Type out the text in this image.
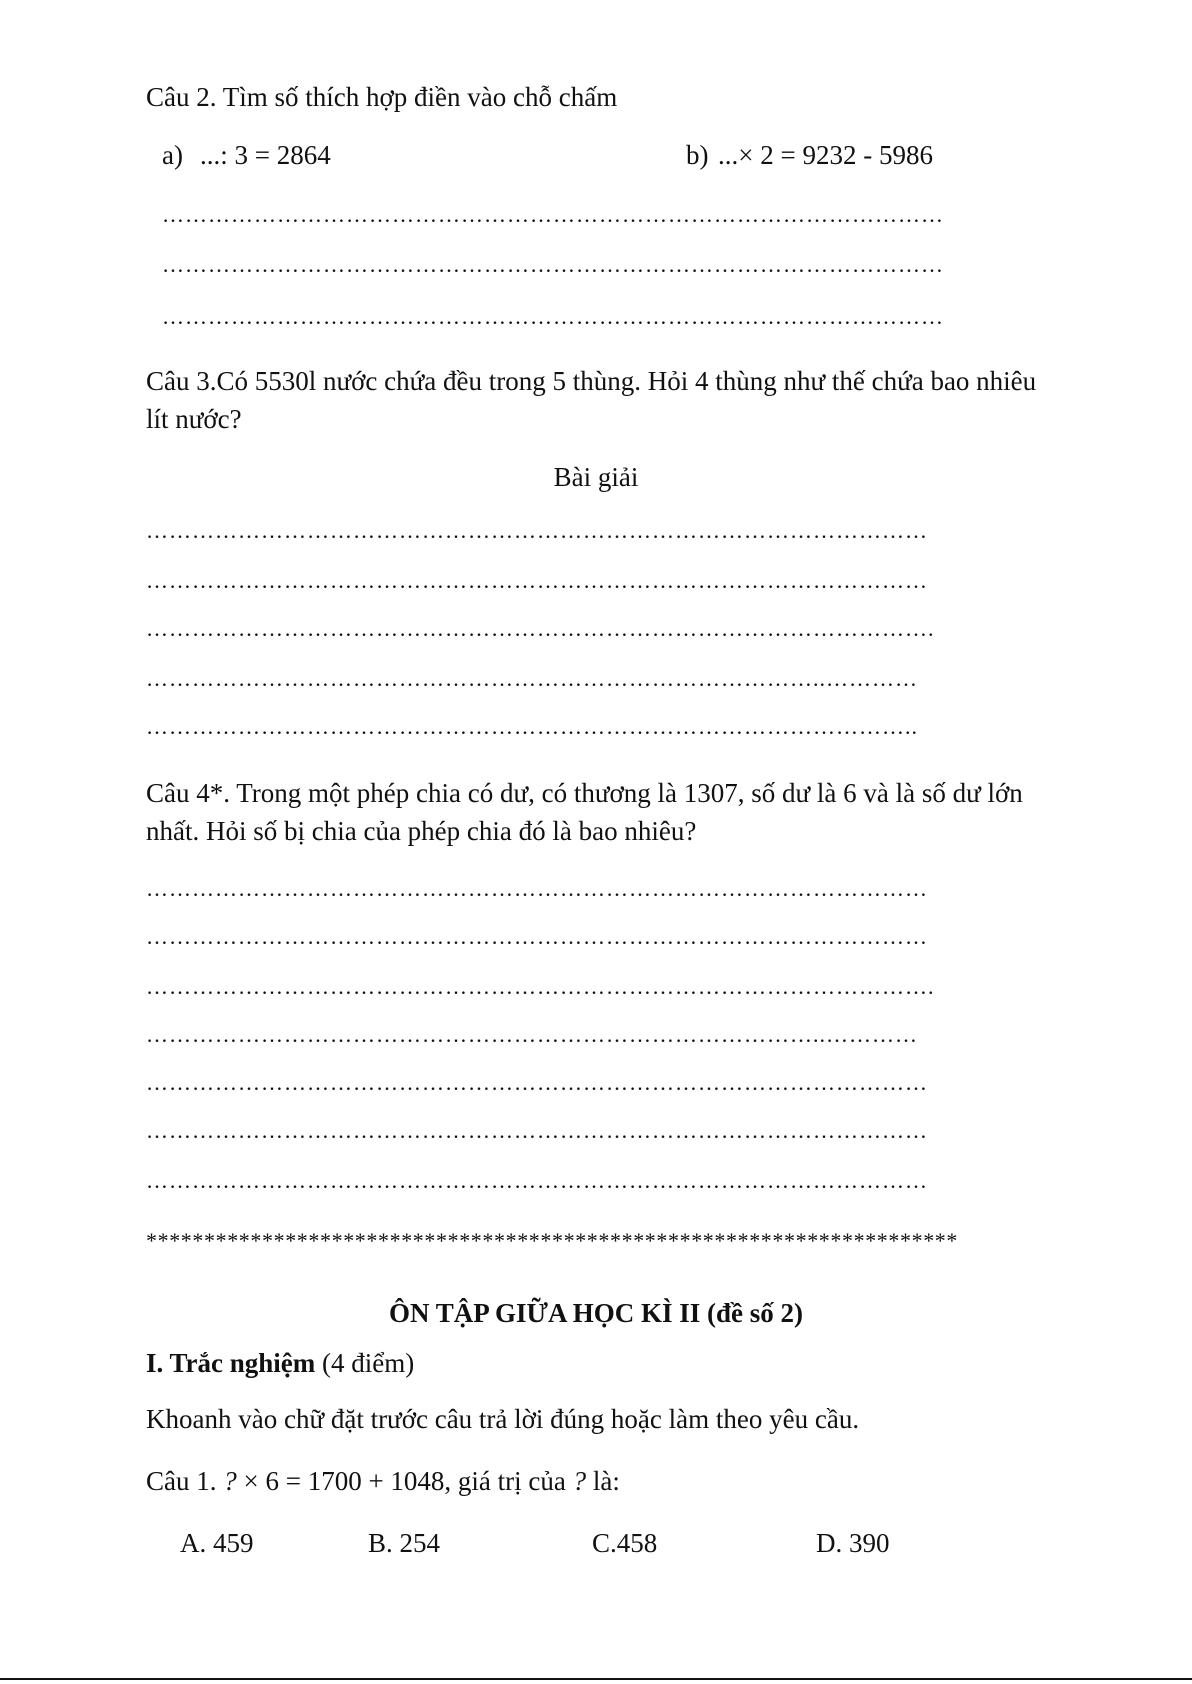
Câu 2. Tìm số thích hợp điền vào chỗ chấm
a) ...: 3 = 2864	b) ...× 2 = 9232 - 5986
…………………………………………………………………………………………
…………………………………………………………………………………………
…………………………………………………………………………………………
Câu 3.Có 5530l nước chứa đều trong 5 thùng. Hỏi 4 thùng như thế chứa bao nhiêu
lít nước?
Bài giải
…………………………………………………………………………………………
…………………………………………………………………………………………
………………………………………………………………………………………….
……………………………………………………………………………..…………
………………………………………………………………………………………..
Câu 4*. Trong một phép chia có dư, có thương là 1307, số dư là 6 và là số dư lớn
nhất. Hỏi số bị chia của phép chia đó là bao nhiêu?
…………………………………………………………………………………………
…………………………………………………………………………………………
………………………………………………………………………………………….
……………………………………………………………………………..…………
…………………………………………………………………………………………
…………………………………………………………………………………………
…………………………………………………………………………………………
**********************************************************************
ÔN TẬP GIỮA HỌC KÌ II (đề số 2)
I. Trắc nghiệm (4 điểm)
Khoanh vào chữ đặt trước câu trả lời đúng hoặc làm theo yêu cầu.
Câu 1. ? × 6 = 1700 + 1048, giá trị của ? là:
A. 459	B. 254	C.458	D. 390
